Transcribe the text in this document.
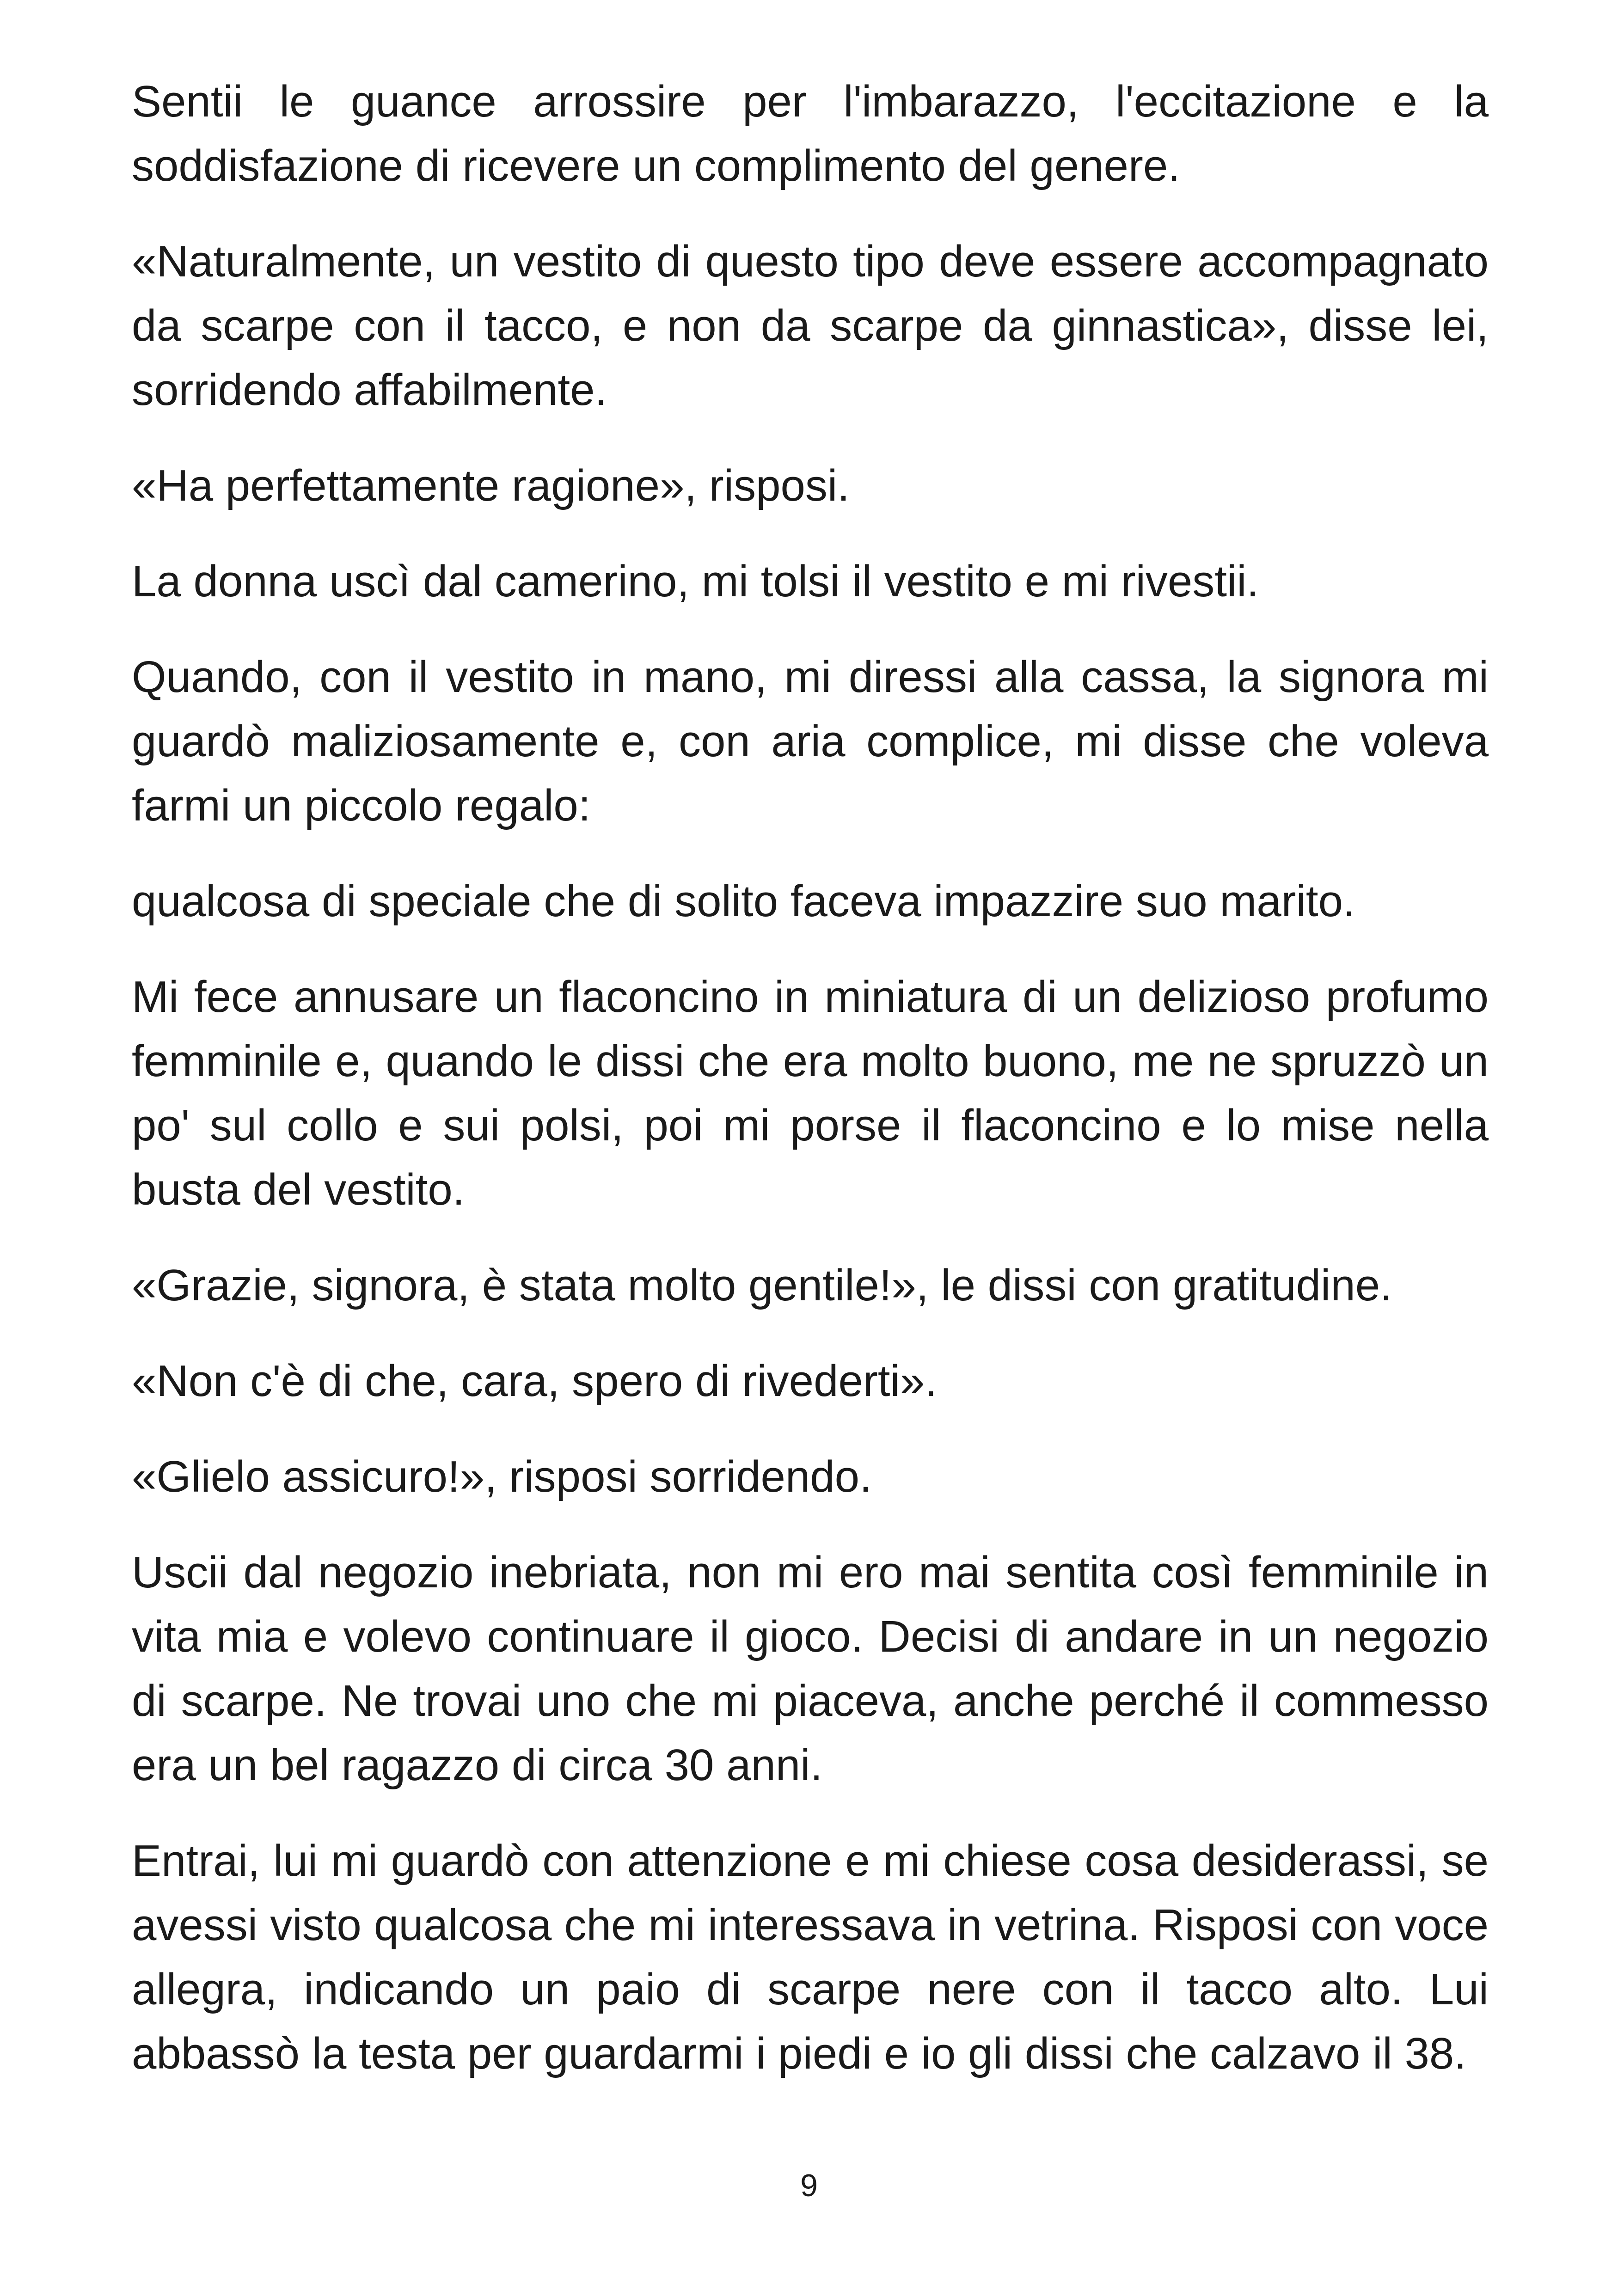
Sentii le guance arrossire per l'imbarazzo, l'eccitazione e la soddisfazione di ricevere un complimento del genere.

«Naturalmente, un vestito di questo tipo deve essere accompagnato da scarpe con il tacco, e non da scarpe da ginnastica», disse lei, sorridendo affabilmente.

«Ha perfettamente ragione», risposi.

La donna uscì dal camerino, mi tolsi il vestito e mi rivestii.

Quando, con il vestito in mano, mi diressi alla cassa, la signora mi guardò maliziosamente e, con aria complice, mi disse che voleva farmi un piccolo regalo:

qualcosa di speciale che di solito faceva impazzire suo marito.

Mi fece annusare un flaconcino in miniatura di un delizioso profumo femminile e, quando le dissi che era molto buono, me ne spruzzò un po' sul collo e sui polsi, poi mi porse il flaconcino e lo mise nella busta del vestito.

«Grazie, signora, è stata molto gentile!», le dissi con gratitudine.

«Non c'è di che, cara, spero di rivederti».

«Glielo assicuro!», risposi sorridendo.

Uscii dal negozio inebriata, non mi ero mai sentita così femminile in vita mia e volevo continuare il gioco. Decisi di andare in un negozio di scarpe. Ne trovai uno che mi piaceva, anche perché il commesso era un bel ragazzo di circa 30 anni.

Entrai, lui mi guardò con attenzione e mi chiese cosa desiderassi, se avessi visto qualcosa che mi interessava in vetrina. Risposi con voce allegra, indicando un paio di scarpe nere con il tacco alto. Lui abbassò la testa per guardarmi i piedi e io gli dissi che calzavo il 38.

9
